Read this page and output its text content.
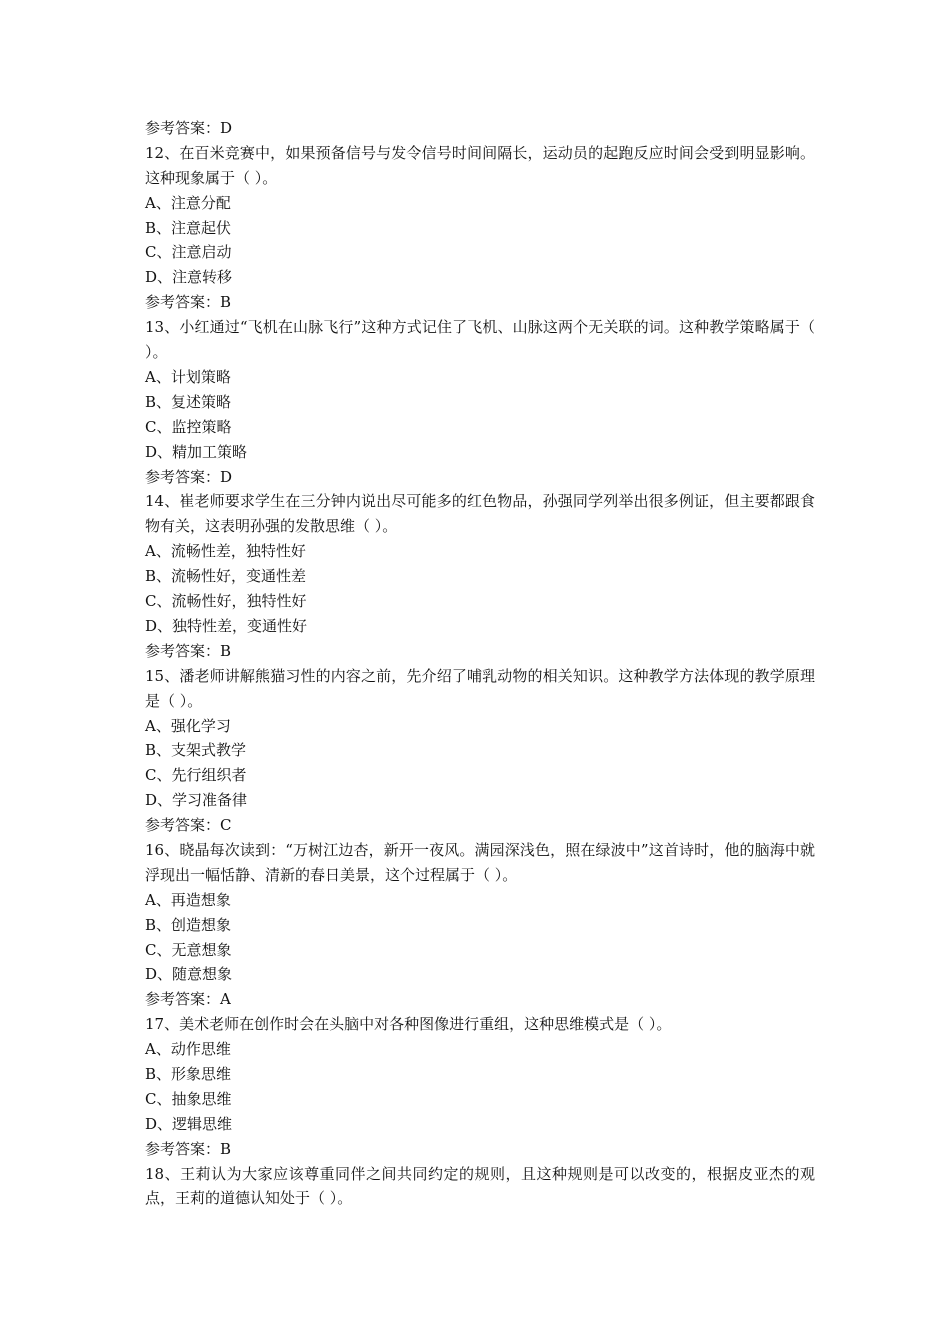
参考答案：D
12、在百米竞赛中，如果预备信号与发令信号时间间隔长，运动员的起跑反应时间会受到明显影响。这种现象属于（ ）。
A、注意分配
B、注意起伏
C、注意启动
D、注意转移
参考答案：B
13、小红通过“飞机在山脉飞行”这种方式记住了飞机、山脉这两个无关联的词。这种教学策略属于（ ）。
A、计划策略
B、复述策略
C、监控策略
D、精加工策略
参考答案：D
14、崔老师要求学生在三分钟内说出尽可能多的红色物品，孙强同学列举出很多例证，但主要都跟食物有关，这表明孙强的发散思维（ ）。
A、流畅性差，独特性好
B、流畅性好，变通性差
C、流畅性好，独特性好
D、独特性差，变通性好
参考答案：B
15、潘老师讲解熊猫习性的内容之前，先介绍了哺乳动物的相关知识。这种教学方法体现的教学原理是（ ）。
A、强化学习
B、支架式教学
C、先行组织者
D、学习准备律
参考答案：C
16、晓晶每次读到：“万树江边杏，新开一夜风。满园深浅色，照在绿波中”这首诗时，他的脑海中就浮现出一幅恬静、清新的春日美景，这个过程属于（ ）。
A、再造想象
B、创造想象
C、无意想象
D、随意想象
参考答案：A
17、美术老师在创作时会在头脑中对各种图像进行重组，这种思维模式是（ ）。
A、动作思维
B、形象思维
C、抽象思维
D、逻辑思维
参考答案：B
18、王莉认为大家应该尊重同伴之间共同约定的规则，且这种规则是可以改变的，根据皮亚杰的观点，王莉的道德认知处于（ ）。
